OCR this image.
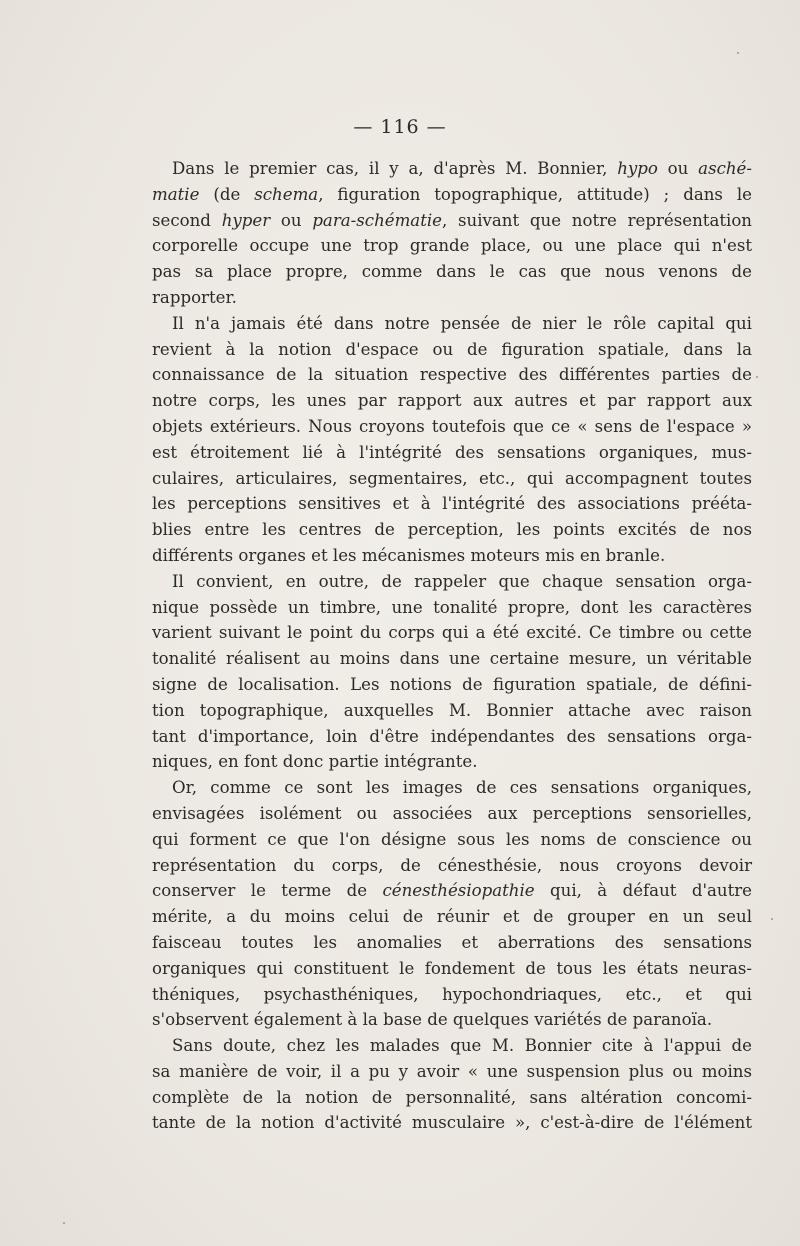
— 116 —
Dans le premier cas, il y a, d'après M. Bonnier, hypo ou asché-
matie (de schema, figuration topographique, attitude) ; dans le
second hyper ou para-schématie, suivant que notre représentation
corporelle occupe une trop grande place, ou une place qui n'est
pas sa place propre, comme dans le cas que nous venons de
rapporter.
Il n'a jamais été dans notre pensée de nier le rôle capital qui
revient à la notion d'espace ou de figuration spatiale, dans la
connaissance de la situation respective des différentes parties de
notre corps, les unes par rapport aux autres et par rapport aux
objets extérieurs. Nous croyons toutefois que ce « sens de l'espace »
est étroitement lié à l'intégrité des sensations organiques, mus-
culaires, articulaires, segmentaires, etc., qui accompagnent toutes
les perceptions sensitives et à l'intégrité des associations prééta-
blies entre les centres de perception, les points excités de nos
différents organes et les mécanismes moteurs mis en branle.
Il convient, en outre, de rappeler que chaque sensation orga-
nique possède un timbre, une tonalité propre, dont les caractères
varient suivant le point du corps qui a été excité. Ce timbre ou cette
tonalité réalisent au moins dans une certaine mesure, un véritable
signe de localisation. Les notions de figuration spatiale, de défini-
tion topographique, auxquelles M. Bonnier attache avec raison
tant d'importance, loin d'être indépendantes des sensations orga-
niques, en font donc partie intégrante.
Or, comme ce sont les images de ces sensations organiques,
envisagées isolément ou associées aux perceptions sensorielles,
qui forment ce que l'on désigne sous les noms de conscience ou
représentation du corps, de cénesthésie, nous croyons devoir
conserver le terme de cénesthésiopathie qui, à défaut d'autre
mérite, a du moins celui de réunir et de grouper en un seul
faisceau toutes les anomalies et aberrations des sensations
organiques qui constituent le fondement de tous les états neuras-
théniques, psychasthéniques, hypochondriaques, etc., et qui
s'observent également à la base de quelques variétés de paranoïa.
Sans doute, chez les malades que M. Bonnier cite à l'appui de
sa manière de voir, il a pu y avoir « une suspension plus ou moins
complète de la notion de personnalité, sans altération concomi-
tante de la notion d'activité musculaire », c'est-à-dire de l'élément
